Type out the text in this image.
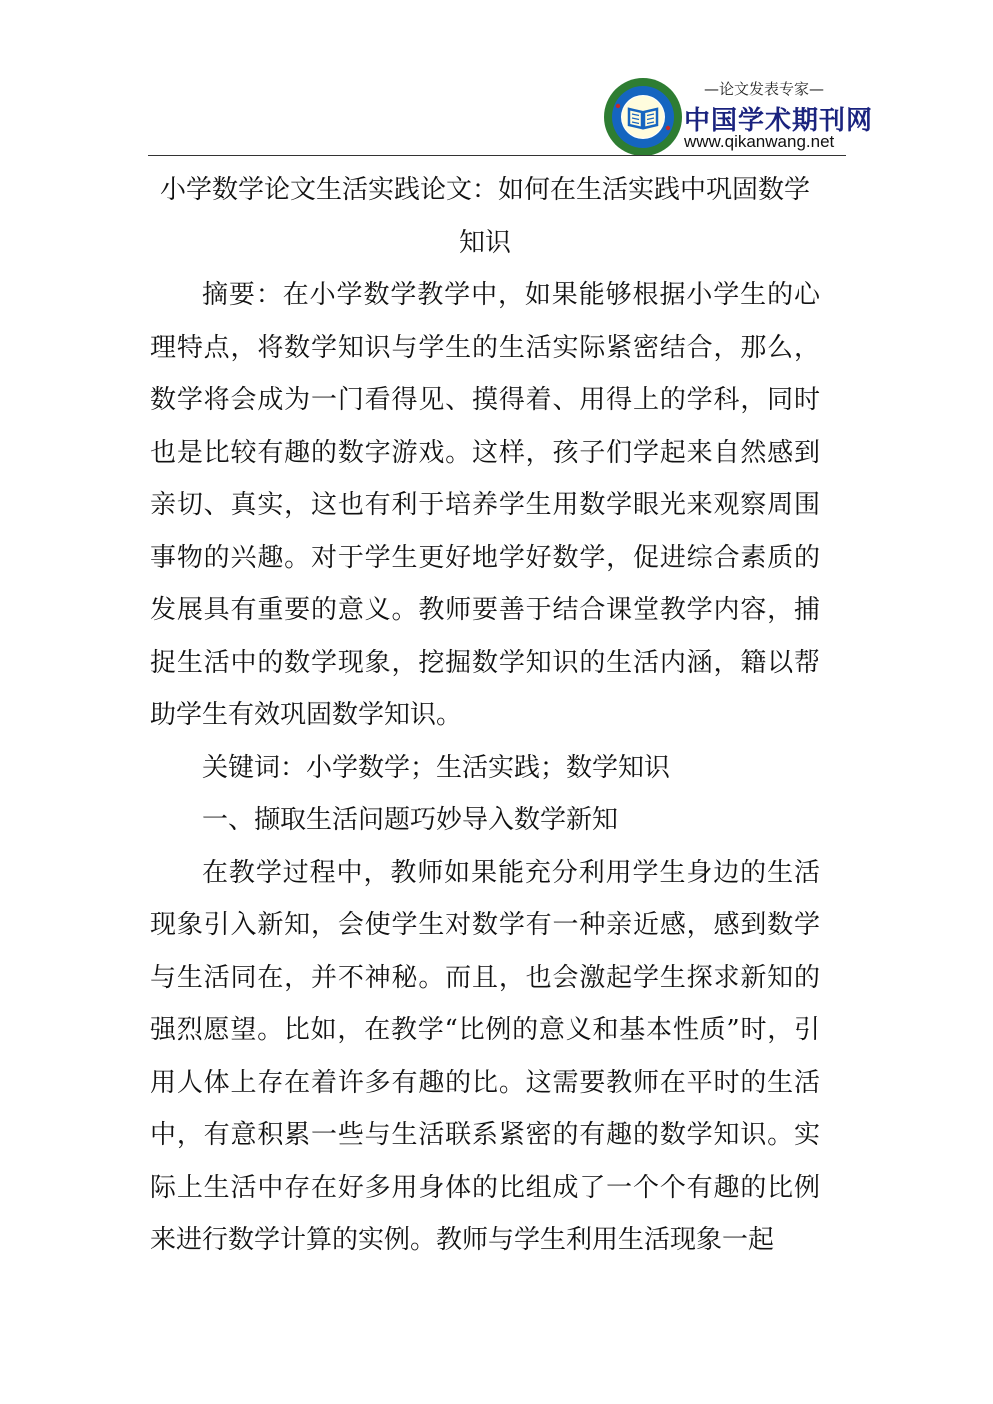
—论文发表专家—
中国学术期刊网
www.qikanwang.net
小学数学论文生活实践论文：如何在生活实践中巩固数学知识

摘要：在小学数学教学中，如果能够根据小学生的心理特点，将数学知识与学生的生活实际紧密结合，那么，数学将会成为一门看得见、摸得着、用得上的学科，同时也是比较有趣的数字游戏。这样，孩子们学起来自然感到亲切、真实，这也有利于培养学生用数学眼光来观察周围事物的兴趣。对于学生更好地学好数学，促进综合素质的发展具有重要的意义。教师要善于结合课堂教学内容，捕捉生活中的数学现象，挖掘数学知识的生活内涵，籍以帮助学生有效巩固数学知识。

关键词：小学数学；生活实践；数学知识

一、撷取生活问题巧妙导入数学新知

在教学过程中，教师如果能充分利用学生身边的生活现象引入新知，会使学生对数学有一种亲近感，感到数学与生活同在，并不神秘。而且，也会激起学生探求新知的强烈愿望。比如，在教学“比例的意义和基本性质”时，引用人体上存在着许多有趣的比。这需要教师在平时的生活中，有意积累一些与生活联系紧密的有趣的数学知识。实际上生活中存在好多用身体的比组成了一个个有趣的比例来进行数学计算的实例。教师与学生利用生活现象一起
